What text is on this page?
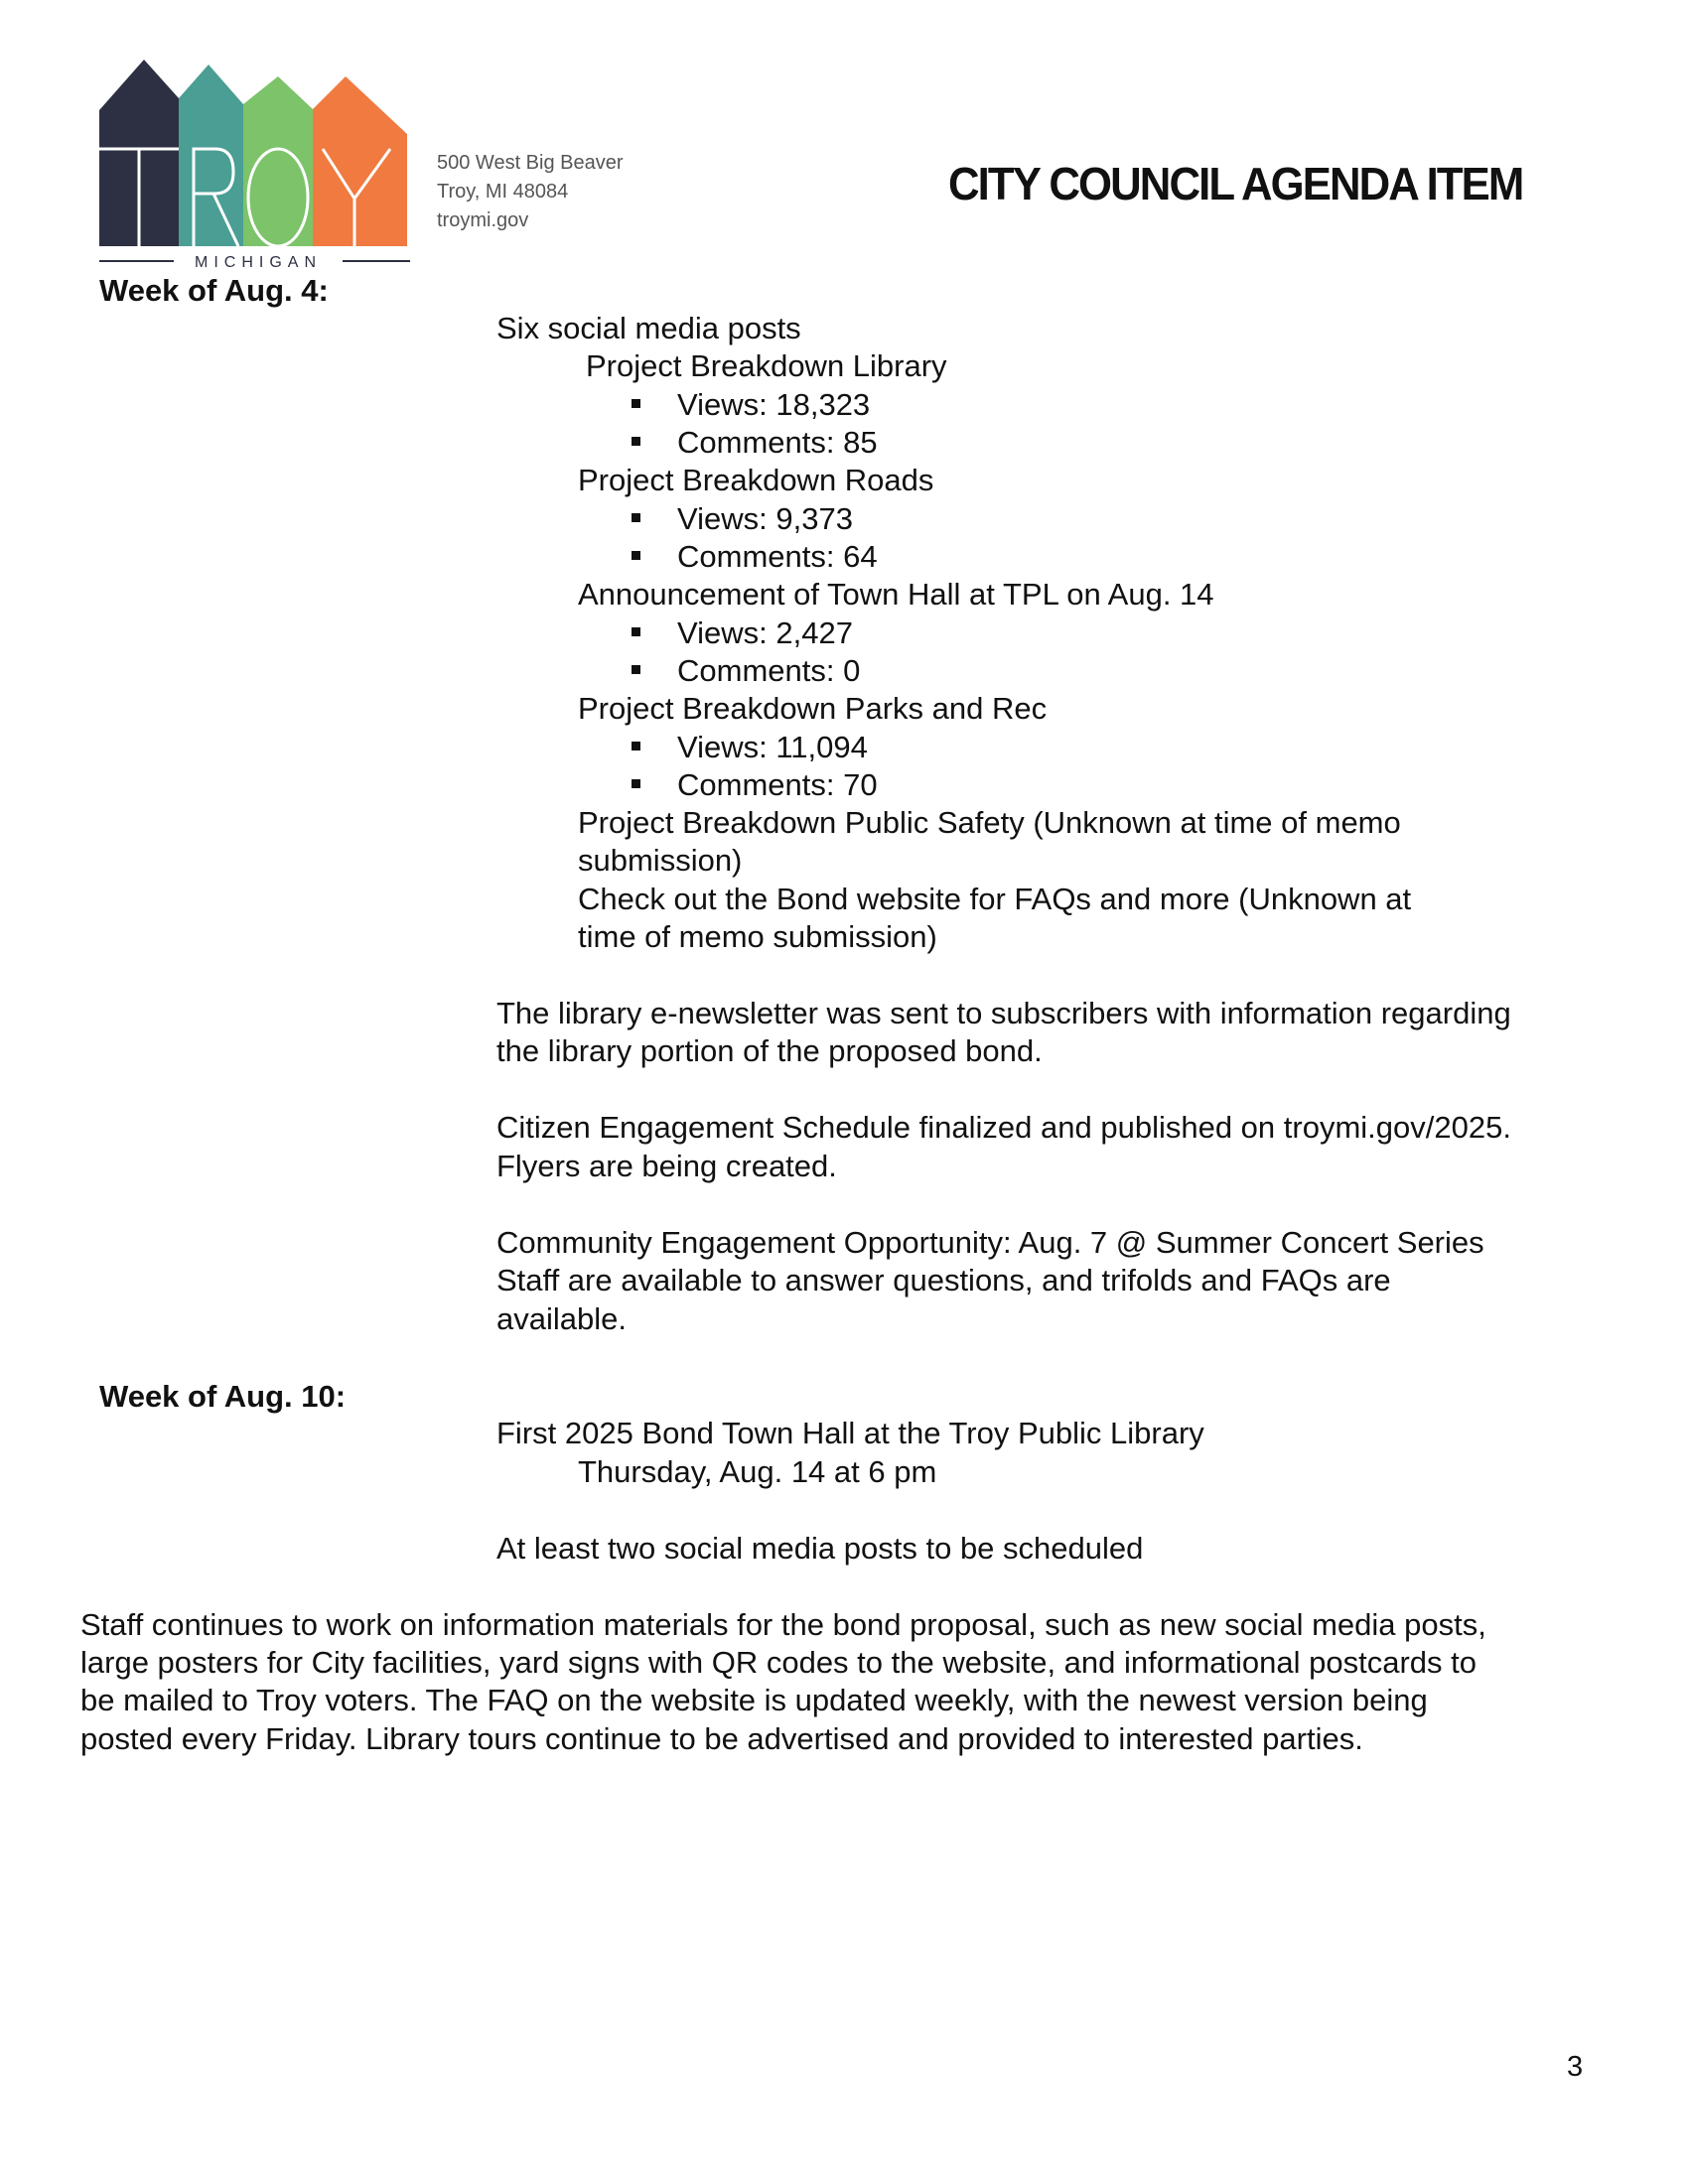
MICHIGAN
500 West Big Beaver
Troy, MI 48084
troymi.gov
CITY COUNCIL AGENDA ITEM
Week of Aug. 4:
Six social media posts
Project Breakdown Library
Views: 18,323
Comments: 85
Project Breakdown Roads
Views: 9,373
Comments: 64
Announcement of Town Hall at TPL on Aug. 14
Views: 2,427
Comments: 0
Project Breakdown Parks and Rec
Views: 11,094
Comments: 70
Project Breakdown Public Safety (Unknown at time of memo
submission)
Check out the Bond website for FAQs and more (Unknown at
time of memo submission)
The library e-newsletter was sent to subscribers with information regarding
the library portion of the proposed bond.
Citizen Engagement Schedule finalized and published on troymi.gov/2025.
Flyers are being created.
Community Engagement Opportunity: Aug. 7 @ Summer Concert Series
Staff are available to answer questions, and trifolds and FAQs are
available.
Week of Aug. 10:
First 2025 Bond Town Hall at the Troy Public Library
Thursday, Aug. 14 at 6 pm
At least two social media posts to be scheduled
Staff continues to work on information materials for the bond proposal, such as new social media posts,
large posters for City facilities, yard signs with QR codes to the website, and informational postcards to
be mailed to Troy voters. The FAQ on the website is updated weekly, with the newest version being
posted every Friday. Library tours continue to be advertised and provided to interested parties.
3
